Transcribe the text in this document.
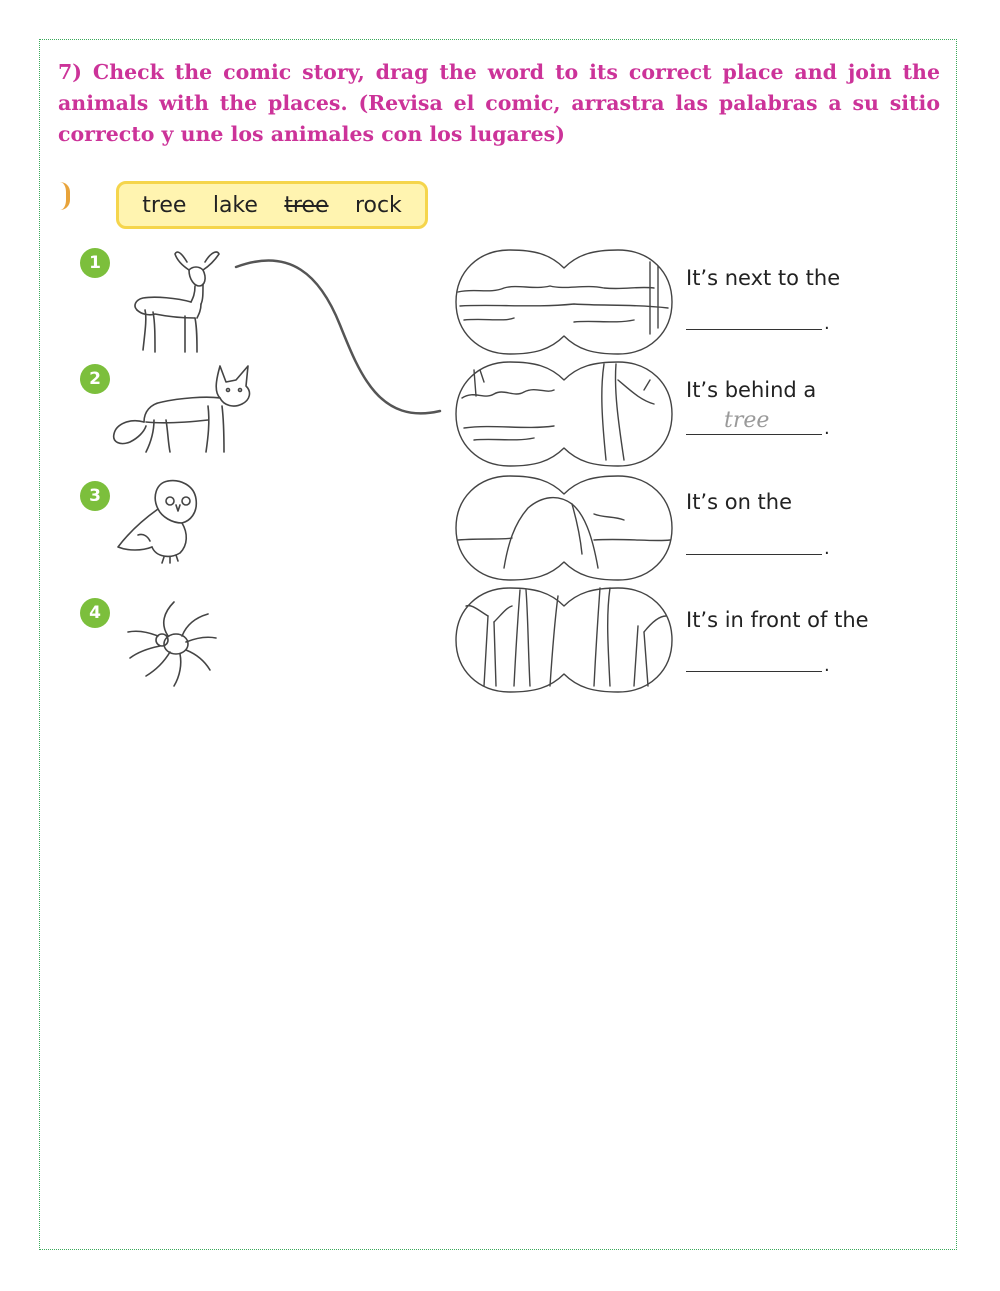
7) Check the comic story, drag the word to its correct place and join the animals with the places. (Revisa el comic, arrastra las palabras a su sitio correcto y une los animales con los lugares)

tree lake tree rock
1
2
3
4
It’s next to the
.
It’s behind a
tree	.
It’s on the
.
It’s in front of the
.
